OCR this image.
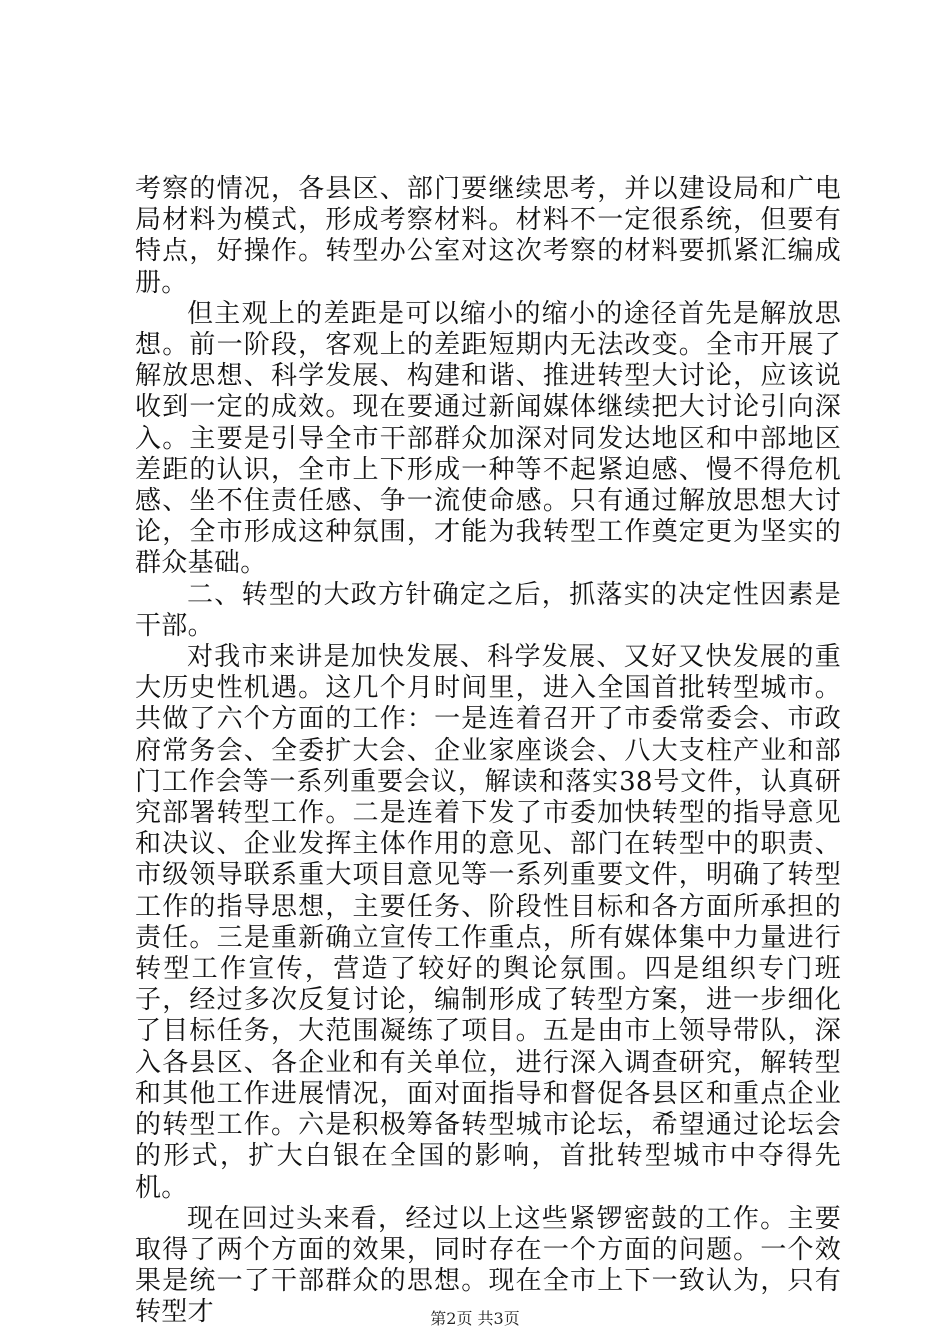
考察的情况，各县区、部门要继续思考，并以建设局和广电局材料为模式，形成考察材料。材料不一定很系统，但要有特点，好操作。转型办公室对这次考察的材料要抓紧汇编成册。

但主观上的差距是可以缩小的缩小的途径首先是解放思想。前一阶段，客观上的差距短期内无法改变。全市开展了解放思想、科学发展、构建和谐、推进转型大讨论，应该说收到一定的成效。现在要通过新闻媒体继续把大讨论引向深入。主要是引导全市干部群众加深对同发达地区和中部地区差距的认识，全市上下形成一种等不起紧迫感、慢不得危机感、坐不住责任感、争一流使命感。只有通过解放思想大讨论，全市形成这种氛围，才能为我转型工作奠定更为坚实的群众基础。

二、转型的大政方针确定之后，抓落实的决定性因素是干部。

对我市来讲是加快发展、科学发展、又好又快发展的重大历史性机遇。这几个月时间里，进入全国首批转型城市。共做了六个方面的工作：一是连着召开了市委常委会、市政府常务会、全委扩大会、企业家座谈会、八大支柱产业和部门工作会等一系列重要会议，解读和落实38号文件，认真研究部署转型工作。二是连着下发了市委加快转型的指导意见和决议、企业发挥主体作用的意见、部门在转型中的职责、市级领导联系重大项目意见等一系列重要文件，明确了转型工作的指导思想，主要任务、阶段性目标和各方面所承担的责任。三是重新确立宣传工作重点，所有媒体集中力量进行转型工作宣传，营造了较好的舆论氛围。四是组织专门班子，经过多次反复讨论，编制形成了转型方案，进一步细化了目标任务，大范围凝练了项目。五是由市上领导带队，深入各县区、各企业和有关单位，进行深入调查研究，解转型和其他工作进展情况，面对面指导和督促各县区和重点企业的转型工作。六是积极筹备转型城市论坛，希望通过论坛会的形式，扩大白银在全国的影响，首批转型城市中夺得先机。

现在回过头来看，经过以上这些紧锣密鼓的工作。主要取得了两个方面的效果，同时存在一个方面的问题。一个效果是统一了干部群众的思想。现在全市上下一致认为，只有转型才	第2页 共3页
